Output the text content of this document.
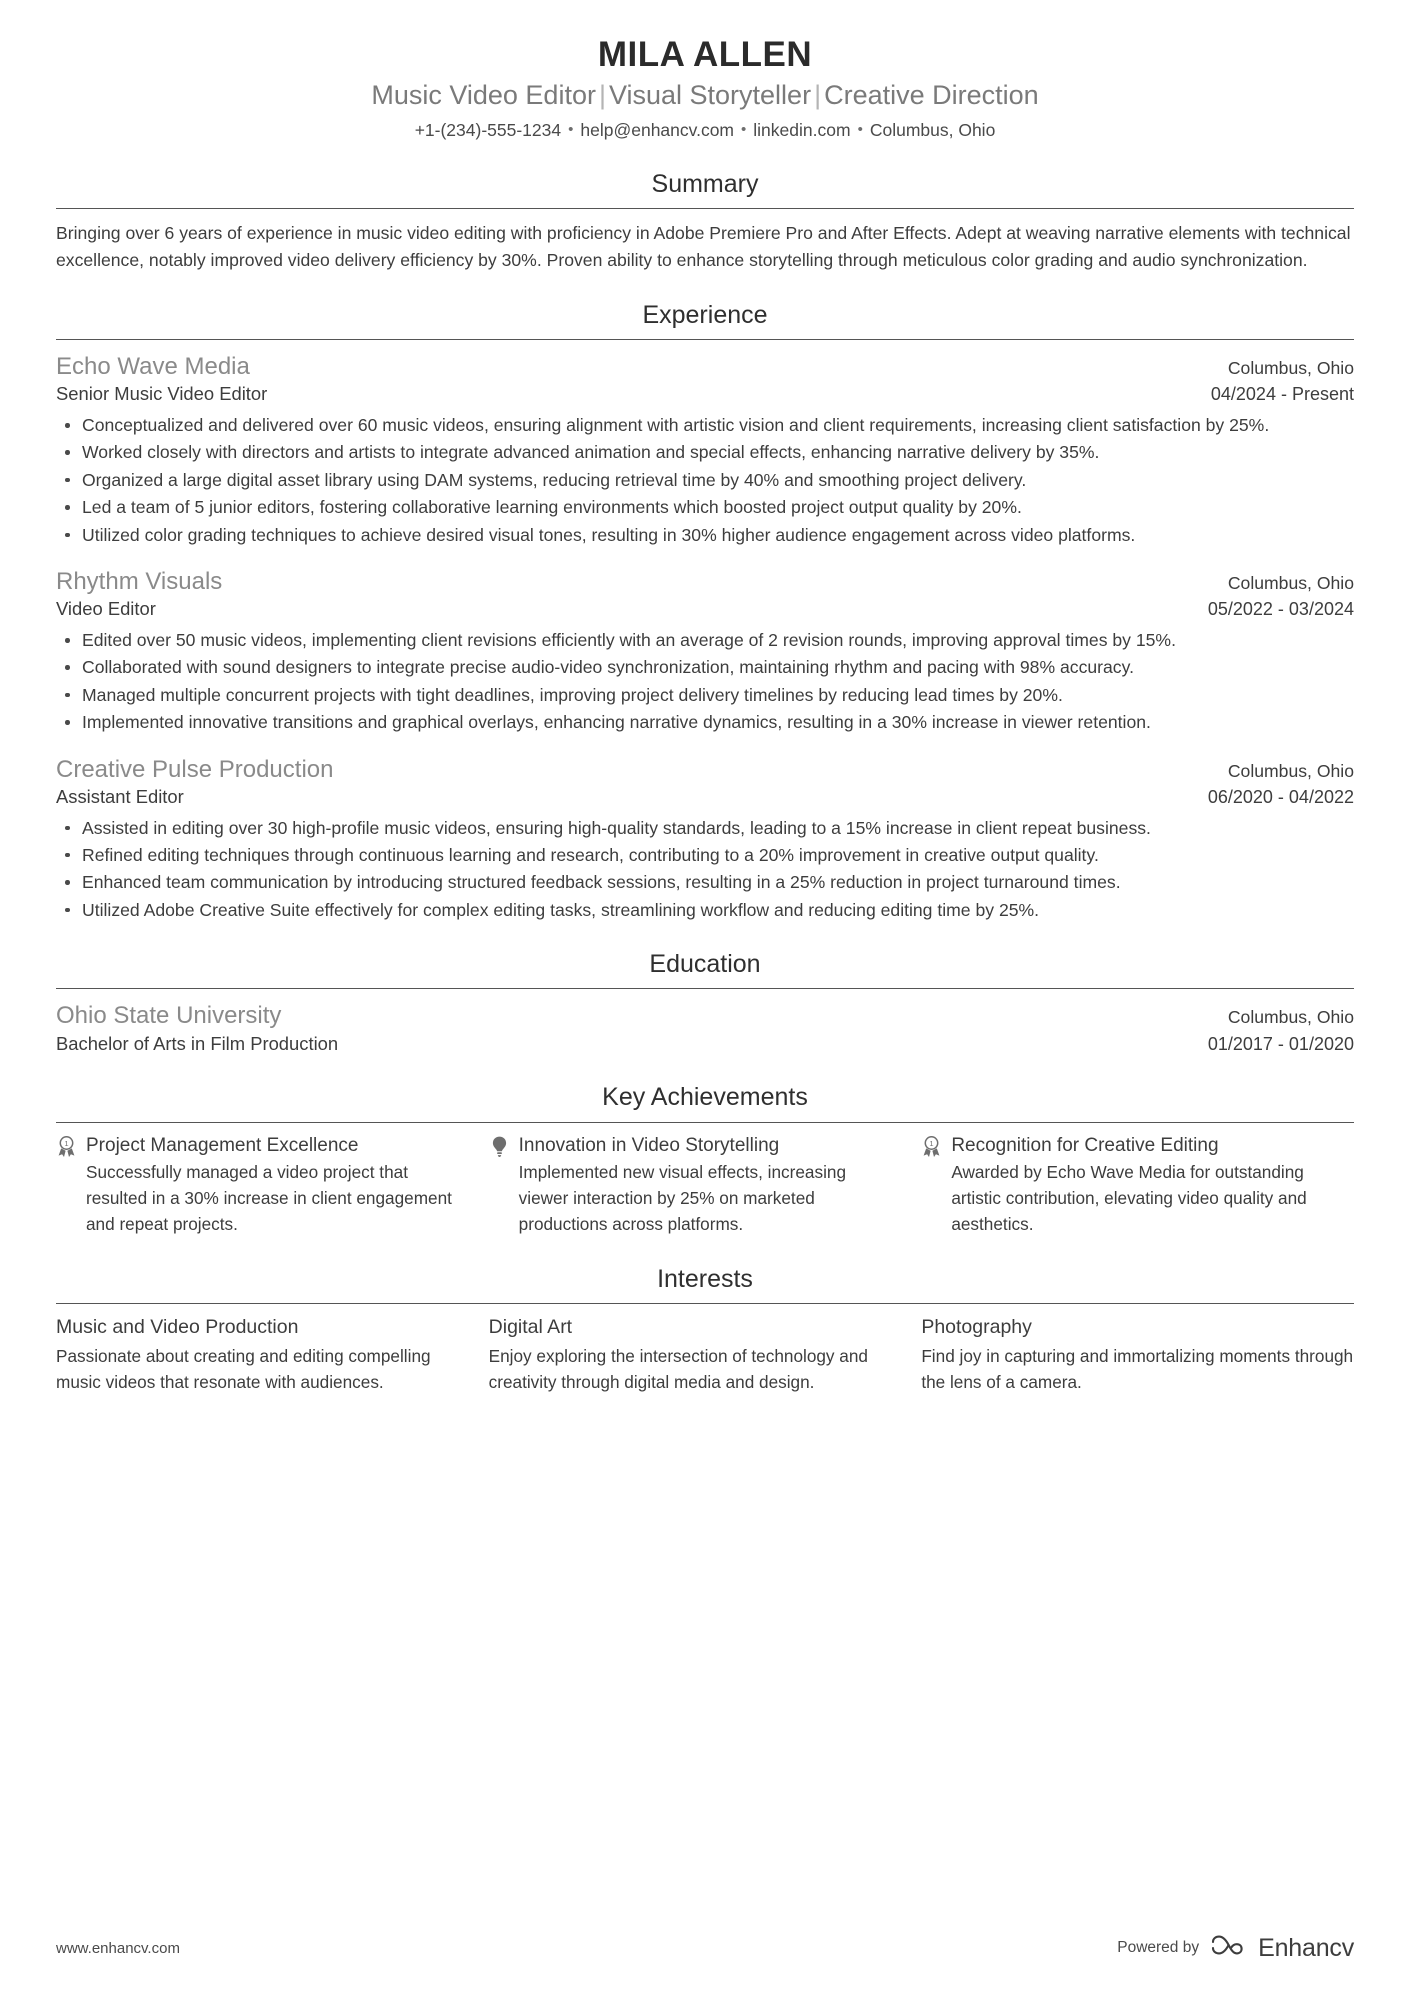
MILA ALLEN
Music Video Editor | Visual Storyteller | Creative Direction
+1-(234)-555-1234 • help@enhancv.com • linkedin.com • Columbus, Ohio
Summary
Bringing over 6 years of experience in music video editing with proficiency in Adobe Premiere Pro and After Effects. Adept at weaving narrative elements with technical excellence, notably improved video delivery efficiency by 30%. Proven ability to enhance storytelling through meticulous color grading and audio synchronization.
Experience
Echo Wave Media	Columbus, Ohio
Senior Music Video Editor	04/2024 - Present
Conceptualized and delivered over 60 music videos, ensuring alignment with artistic vision and client requirements, increasing client satisfaction by 25%.
Worked closely with directors and artists to integrate advanced animation and special effects, enhancing narrative delivery by 35%.
Organized a large digital asset library using DAM systems, reducing retrieval time by 40% and smoothing project delivery.
Led a team of 5 junior editors, fostering collaborative learning environments which boosted project output quality by 20%.
Utilized color grading techniques to achieve desired visual tones, resulting in 30% higher audience engagement across video platforms.
Rhythm Visuals	Columbus, Ohio
Video Editor	05/2022 - 03/2024
Edited over 50 music videos, implementing client revisions efficiently with an average of 2 revision rounds, improving approval times by 15%.
Collaborated with sound designers to integrate precise audio-video synchronization, maintaining rhythm and pacing with 98% accuracy.
Managed multiple concurrent projects with tight deadlines, improving project delivery timelines by reducing lead times by 20%.
Implemented innovative transitions and graphical overlays, enhancing narrative dynamics, resulting in a 30% increase in viewer retention.
Creative Pulse Production	Columbus, Ohio
Assistant Editor	06/2020 - 04/2022
Assisted in editing over 30 high-profile music videos, ensuring high-quality standards, leading to a 15% increase in client repeat business.
Refined editing techniques through continuous learning and research, contributing to a 20% improvement in creative output quality.
Enhanced team communication by introducing structured feedback sessions, resulting in a 25% reduction in project turnaround times.
Utilized Adobe Creative Suite effectively for complex editing tasks, streamlining workflow and reducing editing time by 25%.
Education
Ohio State University	Columbus, Ohio
Bachelor of Arts in Film Production	01/2017 - 01/2020
Key Achievements
1 Project Management Excellence
Successfully managed a video project that resulted in a 30% increase in client engagement and repeat projects.
Innovation in Video Storytelling
Implemented new visual effects, increasing viewer interaction by 25% on marketed productions across platforms.
1 Recognition for Creative Editing
Awarded by Echo Wave Media for outstanding artistic contribution, elevating video quality and aesthetics.
Interests
Music and Video Production
Passionate about creating and editing compelling music videos that resonate with audiences.
Digital Art
Enjoy exploring the intersection of technology and creativity through digital media and design.
Photography
Find joy in capturing and immortalizing moments through the lens of a camera.
www.enhancv.com	Powered by Enhancv
